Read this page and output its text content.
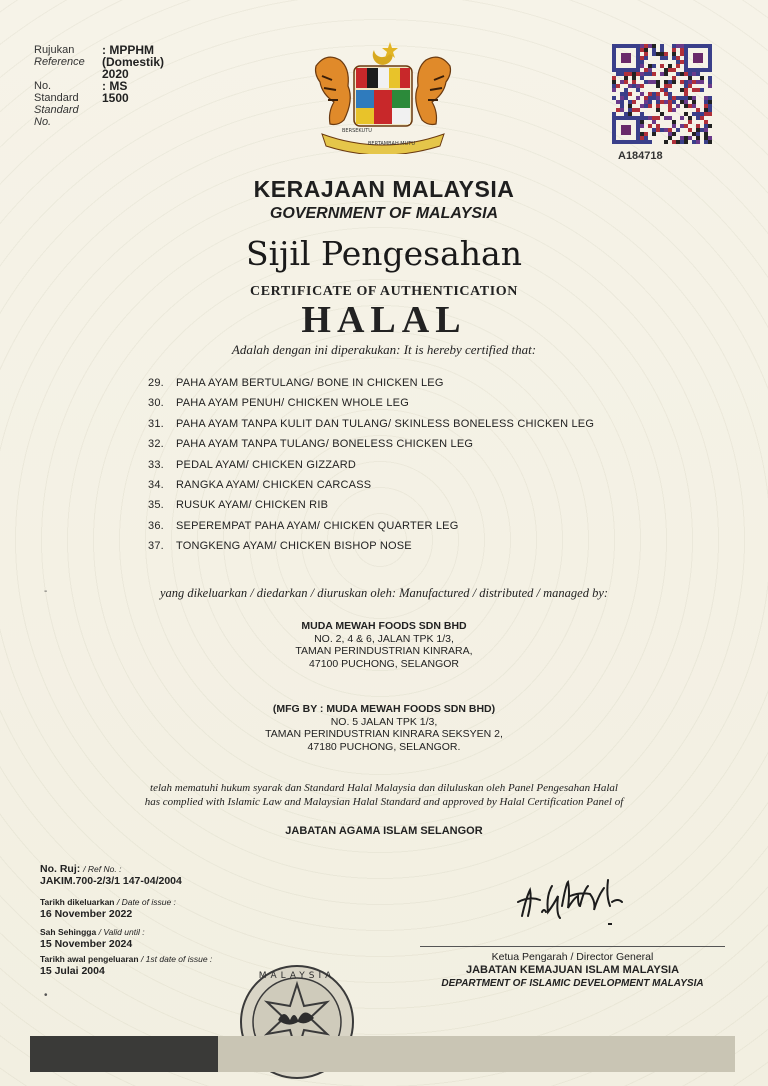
Rujukan
Reference
: MPPHM (Domestik) 2020
No.
Standard
Standard
No.
: MS 1500
BERSEKUTU
BERTAMBAH MUTU
A184718
KERAJAAN MALAYSIA
GOVERNMENT OF MALAYSIA
Sijil Pengesahan
CERTIFICATE OF AUTHENTICATION
HALAL
Adalah dengan ini diperakukan: It is hereby certified that:
29.	PAHA AYAM BERTULANG/ BONE IN CHICKEN LEG
30.	PAHA AYAM PENUH/ CHICKEN WHOLE LEG
31.	PAHA AYAM TANPA KULIT DAN TULANG/ SKINLESS BONELESS CHICKEN LEG
32.	PAHA AYAM TANPA TULANG/ BONELESS CHICKEN LEG
33.	PEDAL AYAM/ CHICKEN GIZZARD
34.	RANGKA AYAM/ CHICKEN CARCASS
35.	RUSUK AYAM/ CHICKEN RIB
36.	SEPEREMPAT PAHA AYAM/ CHICKEN QUARTER LEG
37.	TONGKENG AYAM/ CHICKEN BISHOP NOSE
-	yang dikeluarkan / diedarkan / diuruskan oleh: Manufactured / distributed / managed by:
MUDA MEWAH FOODS SDN BHD
NO. 2, 4 & 6, JALAN TPK 1/3,
TAMAN PERINDUSTRIAN KINRARA,
47100 PUCHONG, SELANGOR
(MFG BY : MUDA MEWAH FOODS SDN BHD)
NO. 5 JALAN TPK 1/3,
TAMAN PERINDUSTRIAN KINRARA SEKSYEN 2,
47180 PUCHONG, SELANGOR.
telah mematuhi hukum syarak dan Standard Halal Malaysia dan diluluskan oleh Panel Pengesahan Halal
has complied with Islamic Law and Malaysian Halal Standard and approved by Halal Certification Panel of
JABATAN AGAMA ISLAM SELANGOR
No. Ruj: / Ref No. :
JAKIM.700-2/3/1 147-04/2004
Tarikh dikeluarkan / Date of issue :
16 November 2022
Sah Sehingga / Valid until :
15 November 2024
Tarikh awal pengeluaran / 1st date of issue :
15 Julai 2004
•
Ketua Pengarah / Director General
JABATAN KEMAJUAN ISLAM MALAYSIA
DEPARTMENT OF ISLAMIC DEVELOPMENT MALAYSIA
MALAYSIA
